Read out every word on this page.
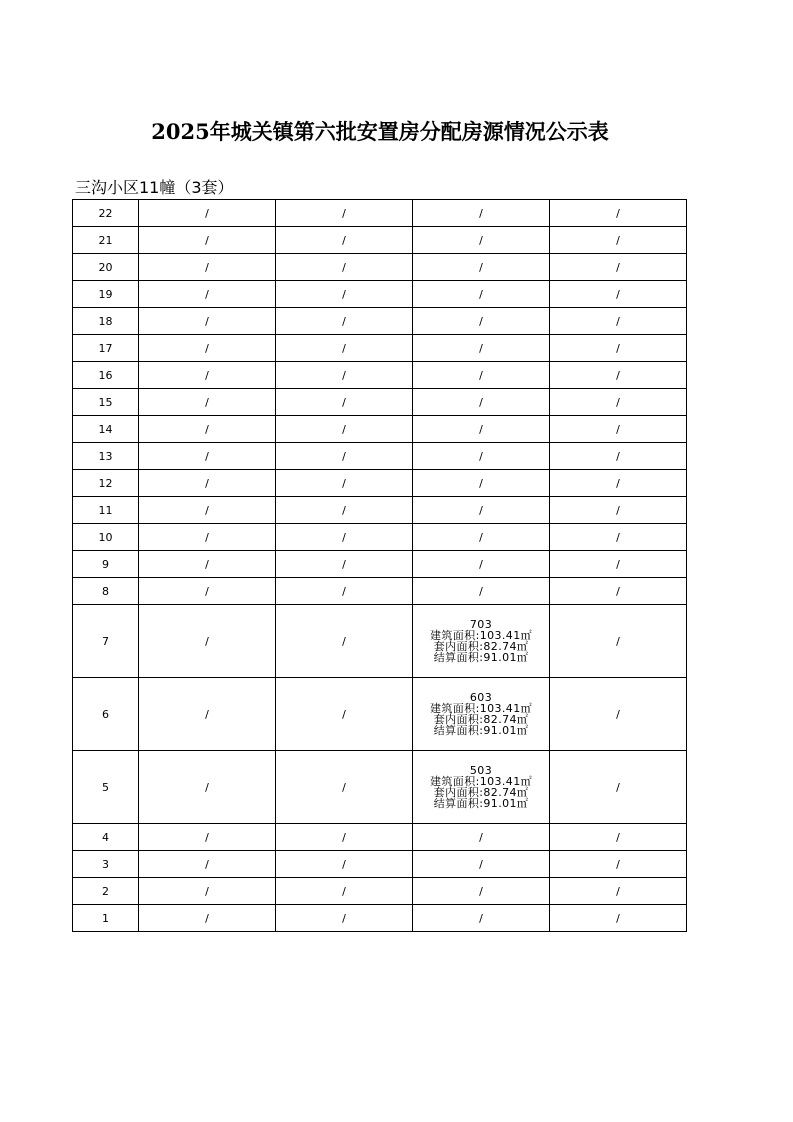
2025年城关镇第六批安置房分配房源情况公示表
三沟小区11幢（3套）
22	/	/	/	/
21	/	/	/	/
20	/	/	/	/
19	/	/	/	/
18	/	/	/	/
17	/	/	/	/
16	/	/	/	/
15	/	/	/	/
14	/	/	/	/
13	/	/	/	/
12	/	/	/	/
11	/	/	/	/
10	/	/	/	/
9	/	/	/	/
8	/	/	/	/
7	/	/	703
建筑面积:103.41㎡
套内面积:82.74㎡
结算面积:91.01㎡	/
6	/	/	603
建筑面积:103.41㎡
套内面积:82.74㎡
结算面积:91.01㎡	/
5	/	/	503
建筑面积:103.41㎡
套内面积:82.74㎡
结算面积:91.01㎡	/
4	/	/	/	/
3	/	/	/	/
2	/	/	/	/
1	/	/	/	/
